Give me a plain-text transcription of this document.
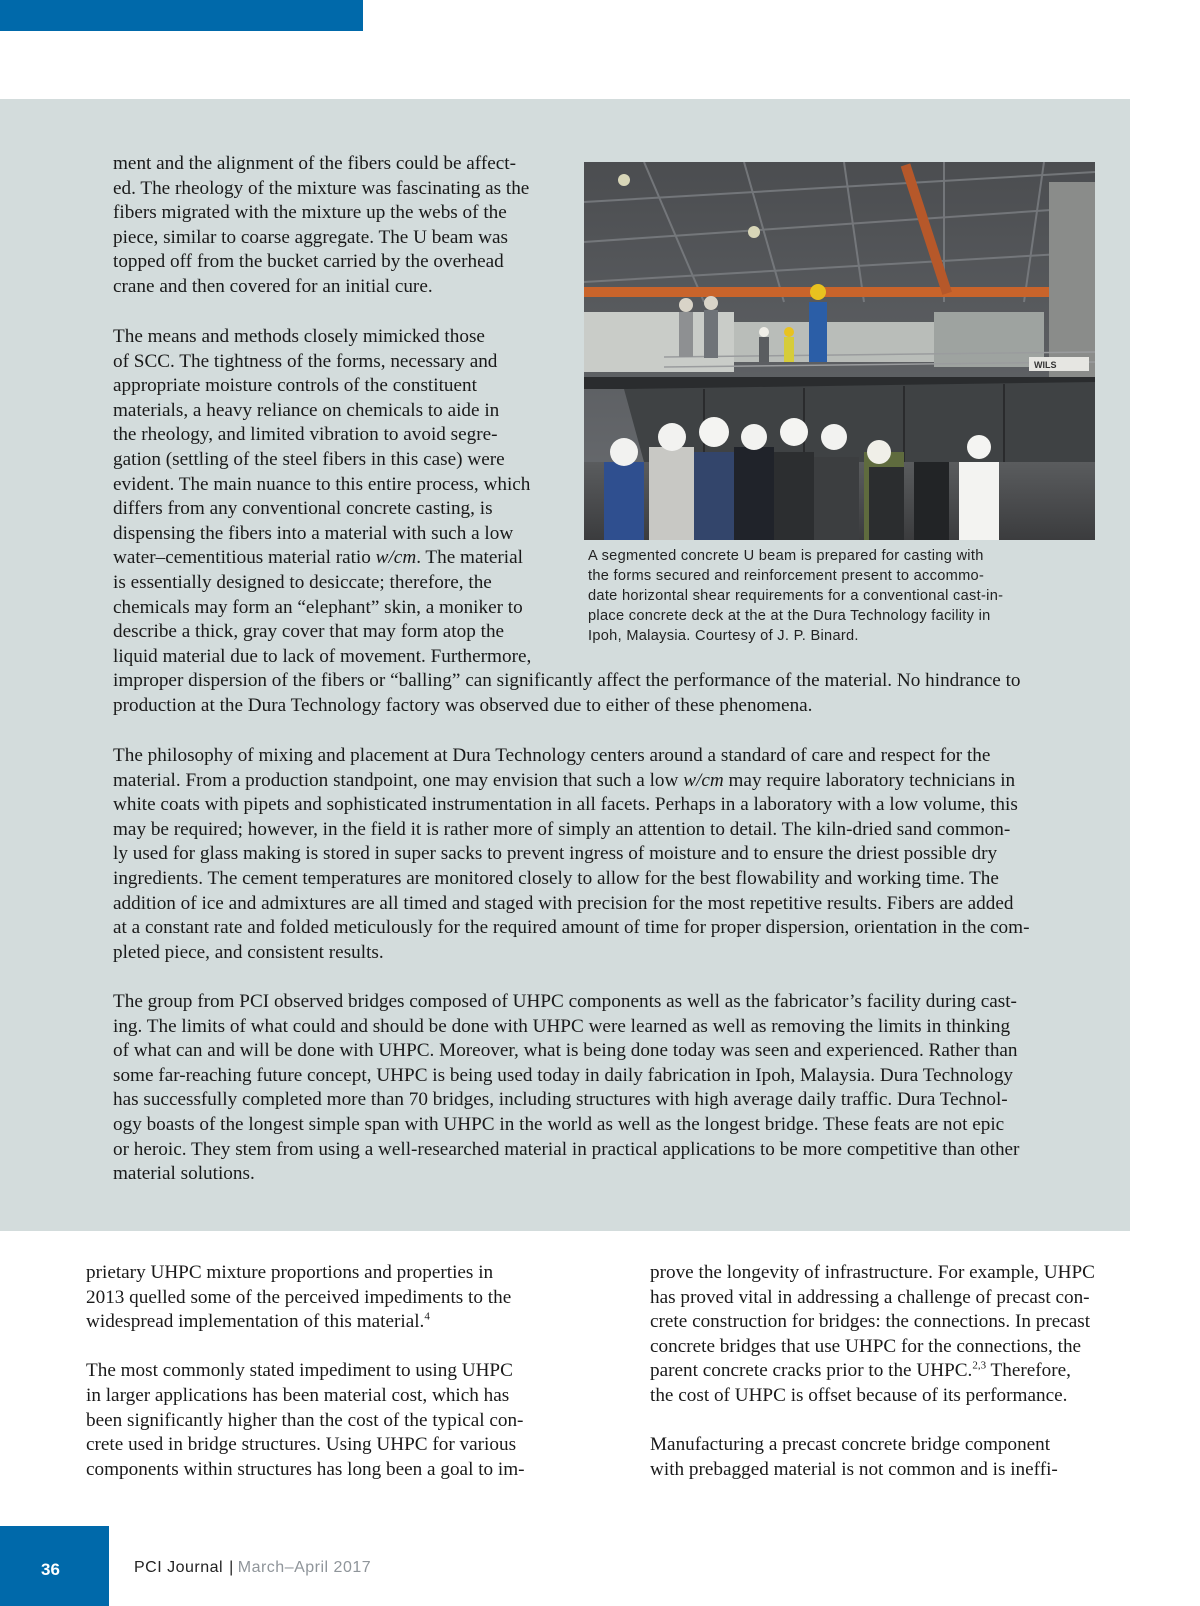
ment and the alignment of the fibers could be affect-
ed. The rheology of the mixture was fascinating as the
fibers migrated with the mixture up the webs of the
piece, similar to coarse aggregate. The U beam was
topped off from the bucket carried by the overhead
crane and then covered for an initial cure.

The means and methods closely mimicked those
of SCC. The tightness of the forms, necessary and
appropriate moisture controls of the constituent
materials, a heavy reliance on chemicals to aide in
the rheology, and limited vibration to avoid segre-
gation (settling of the steel fibers in this case) were
evident. The main nuance to this entire process, which
differs from any conventional concrete casting, is
dispensing the fibers into a material with such a low
water–cementitious material ratio w/cm. The material
is essentially designed to desiccate; therefore, the
chemicals may form an “elephant” skin, a moniker to
describe a thick, gray cover that may form atop the
liquid material due to lack of movement. Furthermore,
improper dispersion of the fibers or “balling” can significantly affect the performance of the material. No hindrance to
production at the Dura Technology factory was observed due to either of these phenomena.

The philosophy of mixing and placement at Dura Technology centers around a standard of care and respect for the
material. From a production standpoint, one may envision that such a low w/cm may require laboratory technicians in
white coats with pipets and sophisticated instrumentation in all facets. Perhaps in a laboratory with a low volume, this
may be required; however, in the field it is rather more of simply an attention to detail. The kiln-dried sand common-
ly used for glass making is stored in super sacks to prevent ingress of moisture and to ensure the driest possible dry
ingredients. The cement temperatures are monitored closely to allow for the best flowability and working time. The
addition of ice and admixtures are all timed and staged with precision for the most repetitive results. Fibers are added
at a constant rate and folded meticulously for the required amount of time for proper dispersion, orientation in the com-
pleted piece, and consistent results.

The group from PCI observed bridges composed of UHPC components as well as the fabricator’s facility during cast-
ing. The limits of what could and should be done with UHPC were learned as well as removing the limits in thinking
of what can and will be done with UHPC. Moreover, what is being done today was seen and experienced. Rather than
some far-reaching future concept, UHPC is being used today in daily fabrication in Ipoh, Malaysia. Dura Technology
has successfully completed more than 70 bridges, including structures with high average daily traffic. Dura Technol-
ogy boasts of the longest simple span with UHPC in the world as well as the longest bridge. These feats are not epic
or heroic. They stem from using a well-researched material in practical applications to be more competitive than other
material solutions.

WILS

A segmented concrete U beam is prepared for casting with
the forms secured and reinforcement present to accommo-
date horizontal shear requirements for a conventional cast-in-
place concrete deck at the at the Dura Technology facility in
Ipoh, Malaysia. Courtesy of J. P. Binard.

prietary UHPC mixture proportions and properties in
2013 quelled some of the perceived impediments to the
widespread implementation of this material.$^4$
The most commonly stated impediment to using UHPC
in larger applications has been material cost, which has
been significantly higher than the cost of the typical con-
crete used in bridge structures. Using UHPC for various
components within structures has long been a goal to im-
prove the longevity of infrastructure. For example, UHPC
has proved vital in addressing a challenge of precast con-
crete construction for bridges: the connections. In precast
concrete bridges that use UHPC for the connections, the
parent concrete cracks prior to the UHPC.$^{2,3}$ Therefore,
the cost of UHPC is offset because of its performance.
Manufacturing a precast concrete bridge component
with prebagged material is not common and is ineffi-
36	PCI Journal | March–April 2017
